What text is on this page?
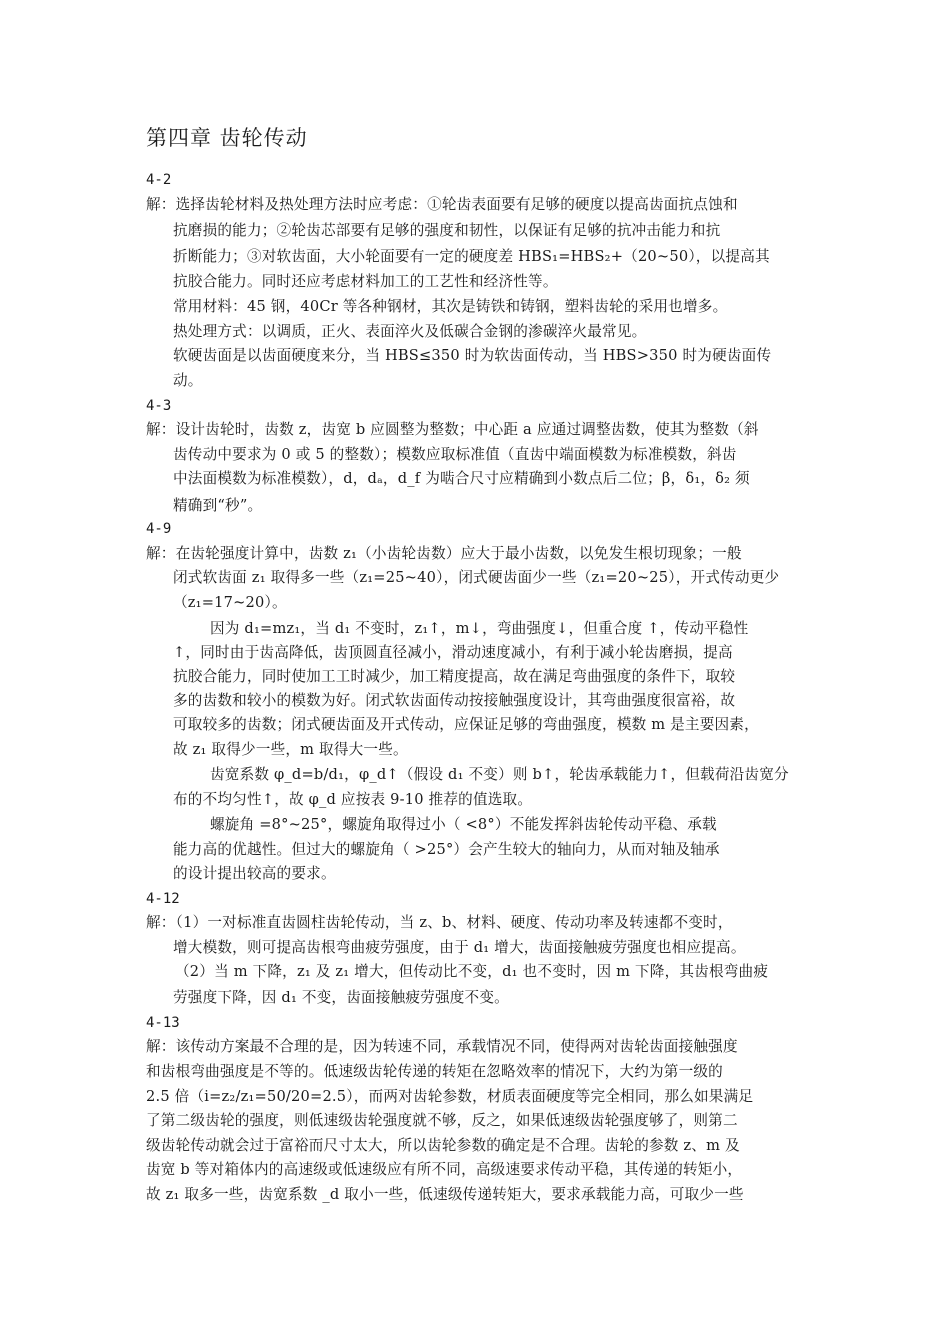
第四章 齿轮传动
4-2
解：选择齿轮材料及热处理方法时应考虑：①轮齿表面要有足够的硬度以提高齿面抗点蚀和
抗磨损的能力；②轮齿芯部要有足够的强度和韧性，以保证有足够的抗冲击能力和抗
折断能力；③对软齿面，大小轮面要有一定的硬度差 HBS₁=HBS₂+（20~50），以提高其
抗胶合能力。同时还应考虑材料加工的工艺性和经济性等。
常用材料：45 钢，40Cr 等各种钢材，其次是铸铁和铸钢，塑料齿轮的采用也增多。
热处理方式：以调质，正火、表面淬火及低碳合金钢的渗碳淬火最常见。
软硬齿面是以齿面硬度来分，当 HBS≤350 时为软齿面传动，当 HBS>350 时为硬齿面传
动。
4-3
解：设计齿轮时，齿数 z，齿宽 b 应圆整为整数；中心距 a 应通过调整齿数，使其为整数（斜
齿传动中要求为 0 或 5 的整数）；模数应取标准值（直齿中端面模数为标准模数，斜齿
中法面模数为标准模数），d，dₐ，d_f 为啮合尺寸应精确到小数点后二位；β，δ₁，δ₂ 须
精确到“秒”。
4-9
解：在齿轮强度计算中，齿数 z₁（小齿轮齿数）应大于最小齿数，以免发生根切现象；一般
闭式软齿面 z₁ 取得多一些（z₁=25~40），闭式硬齿面少一些（z₁=20~25），开式传动更少
（z₁=17~20）。
因为 d₁=mz₁，当 d₁ 不变时，z₁↑，m↓，弯曲强度↓，但重合度 ↑，传动平稳性
↑，同时由于齿高降低，齿顶圆直径减小，滑动速度减小，有利于减小轮齿磨损，提高
抗胶合能力，同时使加工工时减少，加工精度提高，故在满足弯曲强度的条件下，取较
多的齿数和较小的模数为好。闭式软齿面传动按接触强度设计，其弯曲强度很富裕，故
可取较多的齿数；闭式硬齿面及开式传动，应保证足够的弯曲强度，模数 m 是主要因素，
故 z₁ 取得少一些，m 取得大一些。
齿宽系数 φ_d=b/d₁，φ_d↑（假设 d₁ 不变）则 b↑，轮齿承载能力↑，但载荷沿齿宽分
布的不均匀性↑，故 φ_d 应按表 9-10 推荐的值选取。
螺旋角 =8°~25°，螺旋角取得过小（ <8°）不能发挥斜齿轮传动平稳、承载
能力高的优越性。但过大的螺旋角（ >25°）会产生较大的轴向力，从而对轴及轴承
的设计提出较高的要求。
4-12
解：（1）一对标准直齿圆柱齿轮传动，当 z、b、材料、硬度、传动功率及转速都不变时，
增大模数，则可提高齿根弯曲疲劳强度，由于 d₁ 增大，齿面接触疲劳强度也相应提高。
（2）当 m 下降，z₁ 及 z₁ 增大，但传动比不变，d₁ 也不变时，因 m 下降，其齿根弯曲疲
劳强度下降，因 d₁ 不变，齿面接触疲劳强度不变。
4-13
解：该传动方案最不合理的是，因为转速不同，承载情况不同，使得两对齿轮齿面接触强度
和齿根弯曲强度是不等的。低速级齿轮传递的转矩在忽略效率的情况下，大约为第一级的
2.5 倍（i=z₂/z₁=50/20=2.5），而两对齿轮参数，材质表面硬度等完全相同，那么如果满足
了第二级齿轮的强度，则低速级齿轮强度就不够，反之，如果低速级齿轮强度够了，则第二
级齿轮传动就会过于富裕而尺寸太大，所以齿轮参数的确定是不合理。齿轮的参数 z、m 及
齿宽 b 等对箱体内的高速级或低速级应有所不同，高级速要求传动平稳，其传递的转矩小，
故 z₁ 取多一些，齿宽系数 _d 取小一些，低速级传递转矩大，要求承载能力高，可取少一些
